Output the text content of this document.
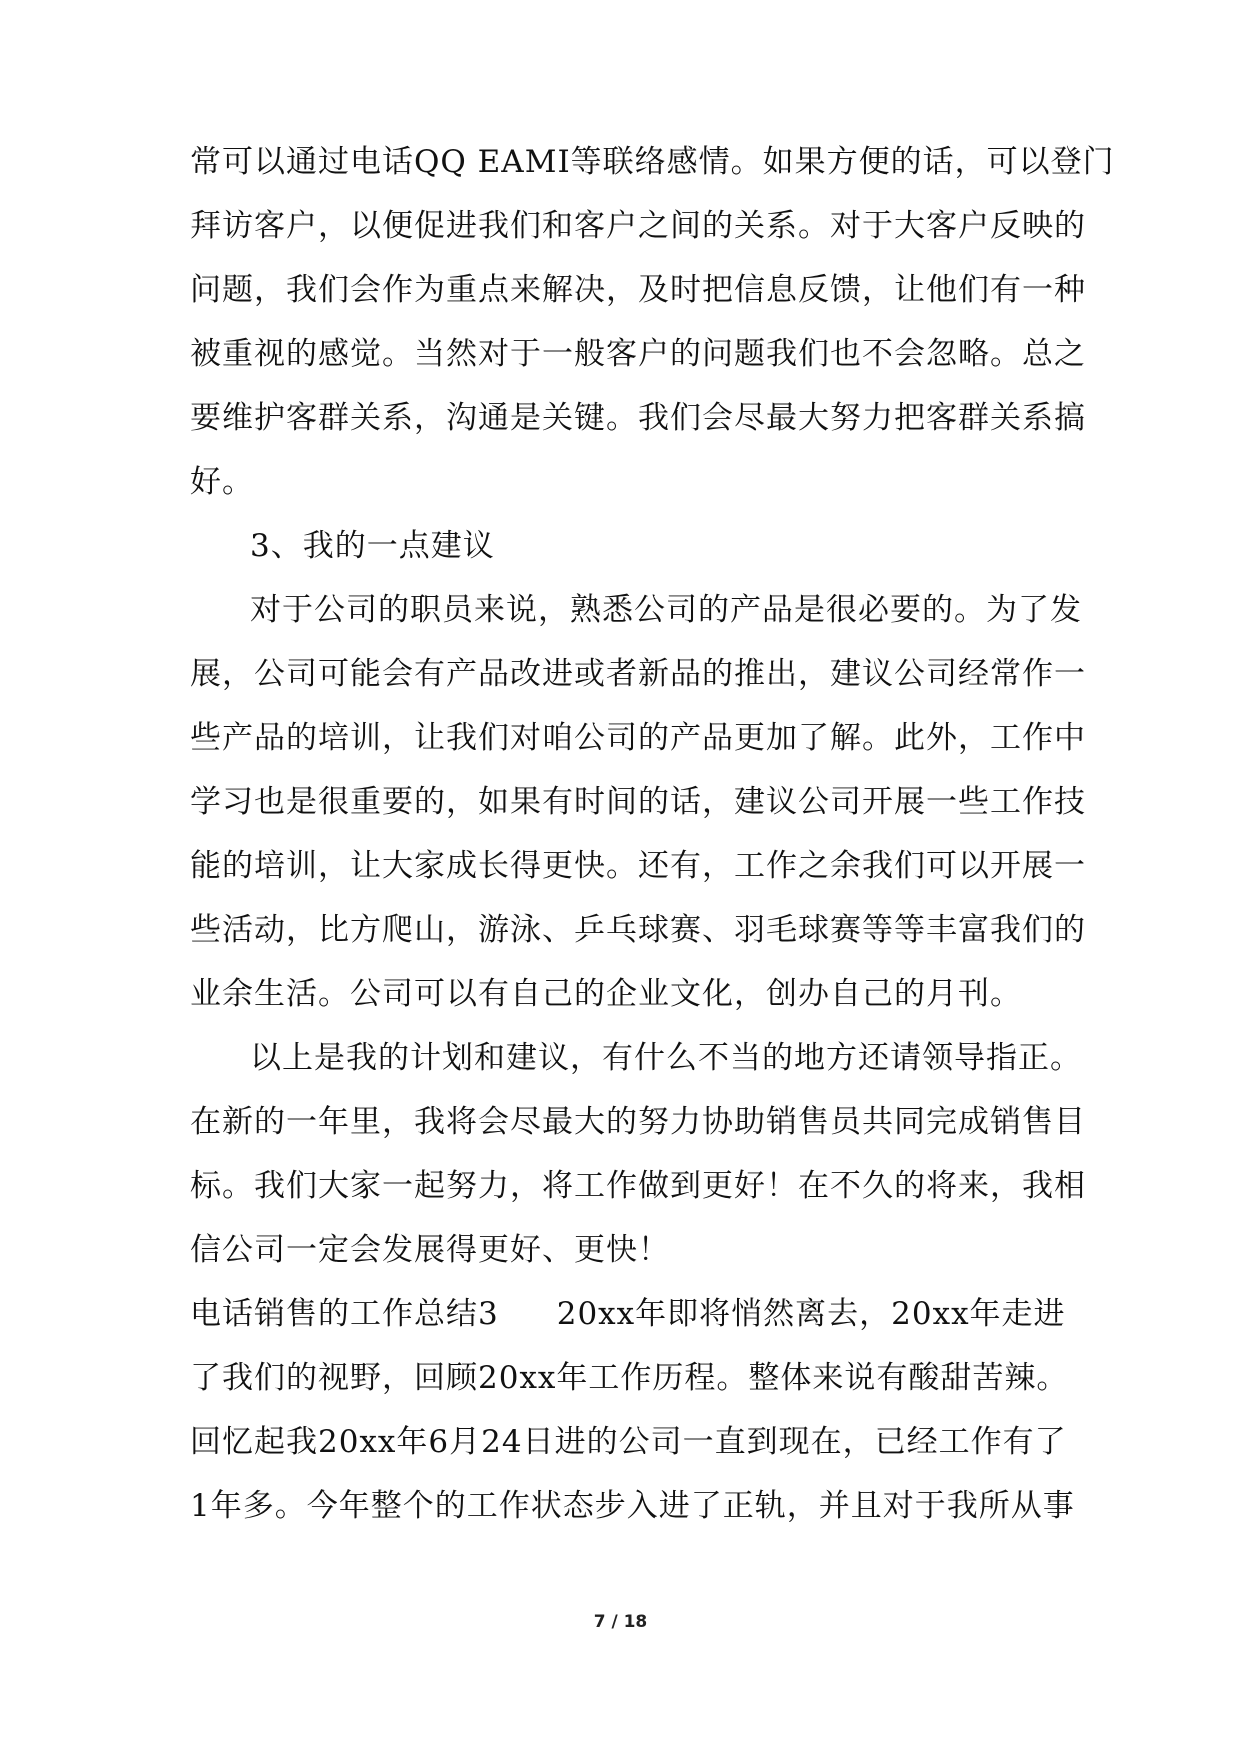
常可以通过电话QQ EAMI等联络感情。如果方便的话，可以登门
拜访客户，以便促进我们和客户之间的关系。对于大客户反映的
问题，我们会作为重点来解决，及时把信息反馈，让他们有一种
被重视的感觉。当然对于一般客户的问题我们也不会忽略。总之
要维护客群关系，沟通是关键。我们会尽最大努力把客群关系搞
好。
3、我的一点建议
对于公司的职员来说，熟悉公司的产品是很必要的。为了发
展，公司可能会有产品改进或者新品的推出，建议公司经常作一
些产品的培训，让我们对咱公司的产品更加了解。此外，工作中
学习也是很重要的，如果有时间的话，建议公司开展一些工作技
能的培训，让大家成长得更快。还有，工作之余我们可以开展一
些活动，比方爬山，游泳、乒乓球赛、羽毛球赛等等丰富我们的
业余生活。公司可以有自己的企业文化，创办自己的月刊。
以上是我的计划和建议，有什么不当的地方还请领导指正。
在新的一年里，我将会尽最大的努力协助销售员共同完成销售目
标。我们大家一起努力，将工作做到更好！在不久的将来，我相
信公司一定会发展得更好、更快！
电话销售的工作总结3 20xx年即将悄然离去，20xx年走进
了我们的视野，回顾20xx年工作历程。整体来说有酸甜苦辣。
回忆起我20xx年6月24日进的公司一直到现在，已经工作有了
1年多。今年整个的工作状态步入进了正轨，并且对于我所从事
7 / 18
